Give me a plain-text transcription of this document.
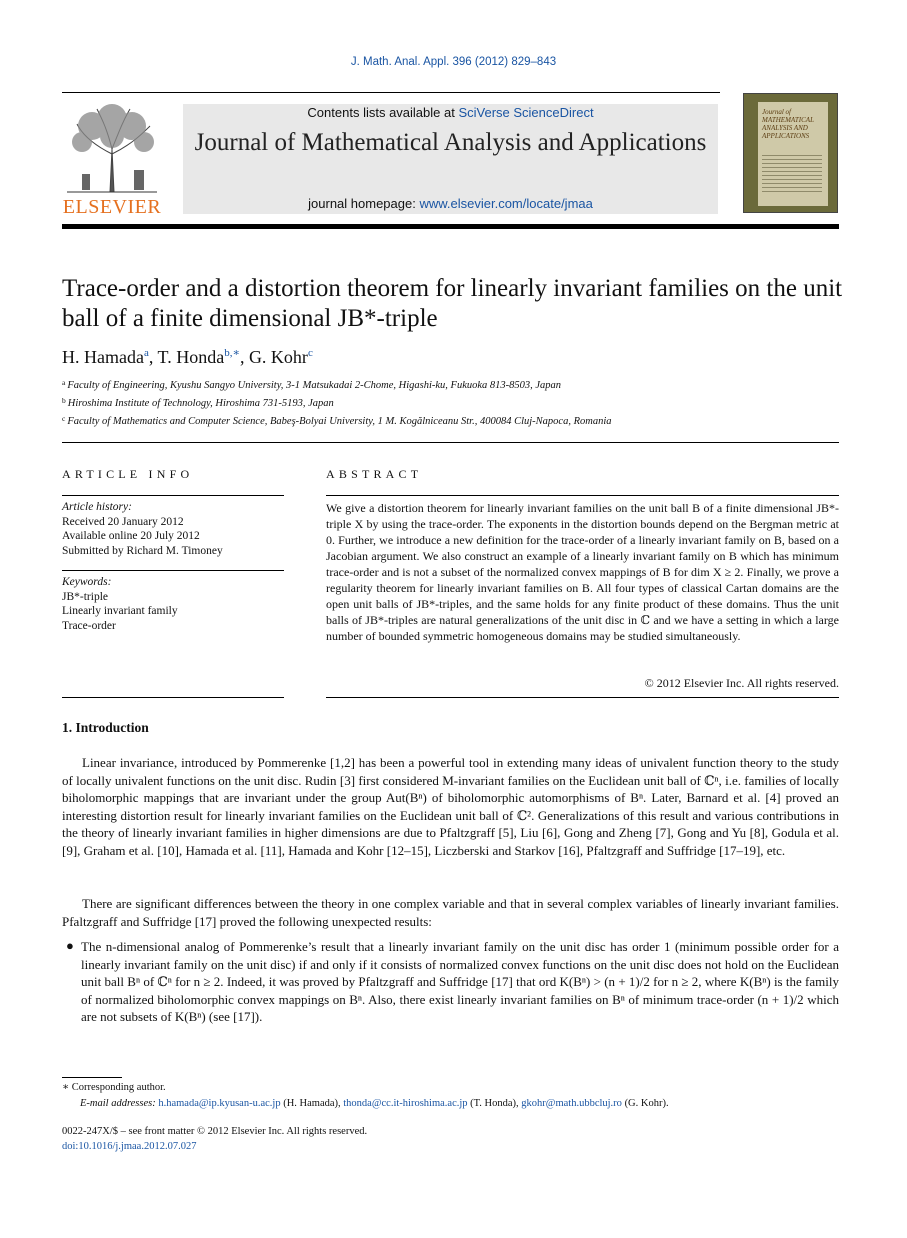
J. Math. Anal. Appl. 396 (2012) 829–843
ELSEVIER
Contents lists available at SciVerse ScienceDirect
Journal of Mathematical Analysis and Applications
journal homepage: www.elsevier.com/locate/jmaa
Journal of MATHEMATICAL ANALYSIS AND APPLICATIONS
Trace-order and a distortion theorem for linearly invariant families on the unit ball of a finite dimensional JB*-triple
H. Hamada$^a$, T. Honda$^{b,∗}$, G. Kohr$^c$
$^a$ Faculty of Engineering, Kyushu Sangyo University, 3-1 Matsukadai 2-Chome, Higashi-ku, Fukuoka 813-8503, Japan
$^b$ Hiroshima Institute of Technology, Hiroshima 731-5193, Japan
$^c$ Faculty of Mathematics and Computer Science, Babeş-Bolyai University, 1 M. Kogălniceanu Str., 400084 Cluj-Napoca, Romania
ARTICLE INFO
Article history:
Received 20 January 2012
Available online 20 July 2012
Submitted by Richard M. Timoney
Keywords:
JB*-triple
Linearly invariant family
Trace-order
ABSTRACT
We give a distortion theorem for linearly invariant families on the unit ball B of a finite dimensional JB*-triple X by using the trace-order. The exponents in the distortion bounds depend on the Bergman metric at 0. Further, we introduce a new definition for the trace-order of a linearly invariant family on B, based on a Jacobian argument. We also construct an example of a linearly invariant family on B which has minimum trace-order and is not a subset of the normalized convex mappings of B for dim X ≥ 2. Finally, we prove a regularity theorem for linearly invariant families on B. All four types of classical Cartan domains are the open unit balls of JB*-triples, and the same holds for any finite product of these domains. Thus the unit balls of JB*-triples are natural generalizations of the unit disc in ℂ and we have a setting in which a large number of bounded symmetric homogeneous domains may be studied simultaneously.
© 2012 Elsevier Inc. All rights reserved.
1. Introduction
Linear invariance, introduced by Pommerenke [1,2] has been a powerful tool in extending many ideas of univalent function theory to the study of locally univalent functions on the unit disc. Rudin [3] first considered M-invariant families on the Euclidean unit ball of ℂⁿ, i.e. families of locally biholomorphic mappings that are invariant under the group Aut(Bⁿ) of biholomorphic automorphisms of Bⁿ. Later, Barnard et al. [4] proved an interesting distortion result for linearly invariant families on the Euclidean unit ball of ℂ². Generalizations of this result and various contributions in the theory of linearly invariant families in higher dimensions are due to Pfaltzgraff [5], Liu [6], Gong and Zheng [7], Gong and Yu [8], Godula et al. [9], Graham et al. [10], Hamada et al. [11], Hamada and Kohr [12–15], Liczberski and Starkov [16], Pfaltzgraff and Suffridge [17–19], etc.
There are significant differences between the theory in one complex variable and that in several complex variables of linearly invariant families. Pfaltzgraff and Suffridge [17] proved the following unexpected results:
● The n-dimensional analog of Pommerenke’s result that a linearly invariant family on the unit disc has order 1 (minimum possible order for a linearly invariant family on the unit disc) if and only if it consists of normalized convex functions on the unit disc does not hold on the Euclidean unit ball Bⁿ of ℂⁿ for n ≥ 2. Indeed, it was proved by Pfaltzgraff and Suffridge [17] that ord K(Bⁿ) > (n + 1)/2 for n ≥ 2, where K(Bⁿ) is the family of normalized biholomorphic convex mappings on Bⁿ. Also, there exist linearly invariant families on Bⁿ of minimum trace-order (n + 1)/2 which are not subsets of K(Bⁿ) (see [17]).
∗ Corresponding author.
E-mail addresses: h.hamada@ip.kyusan-u.ac.jp (H. Hamada), thonda@cc.it-hiroshima.ac.jp (T. Honda), gkohr@math.ubbcluj.ro (G. Kohr).
0022-247X/$ – see front matter © 2012 Elsevier Inc. All rights reserved.
doi:10.1016/j.jmaa.2012.07.027
